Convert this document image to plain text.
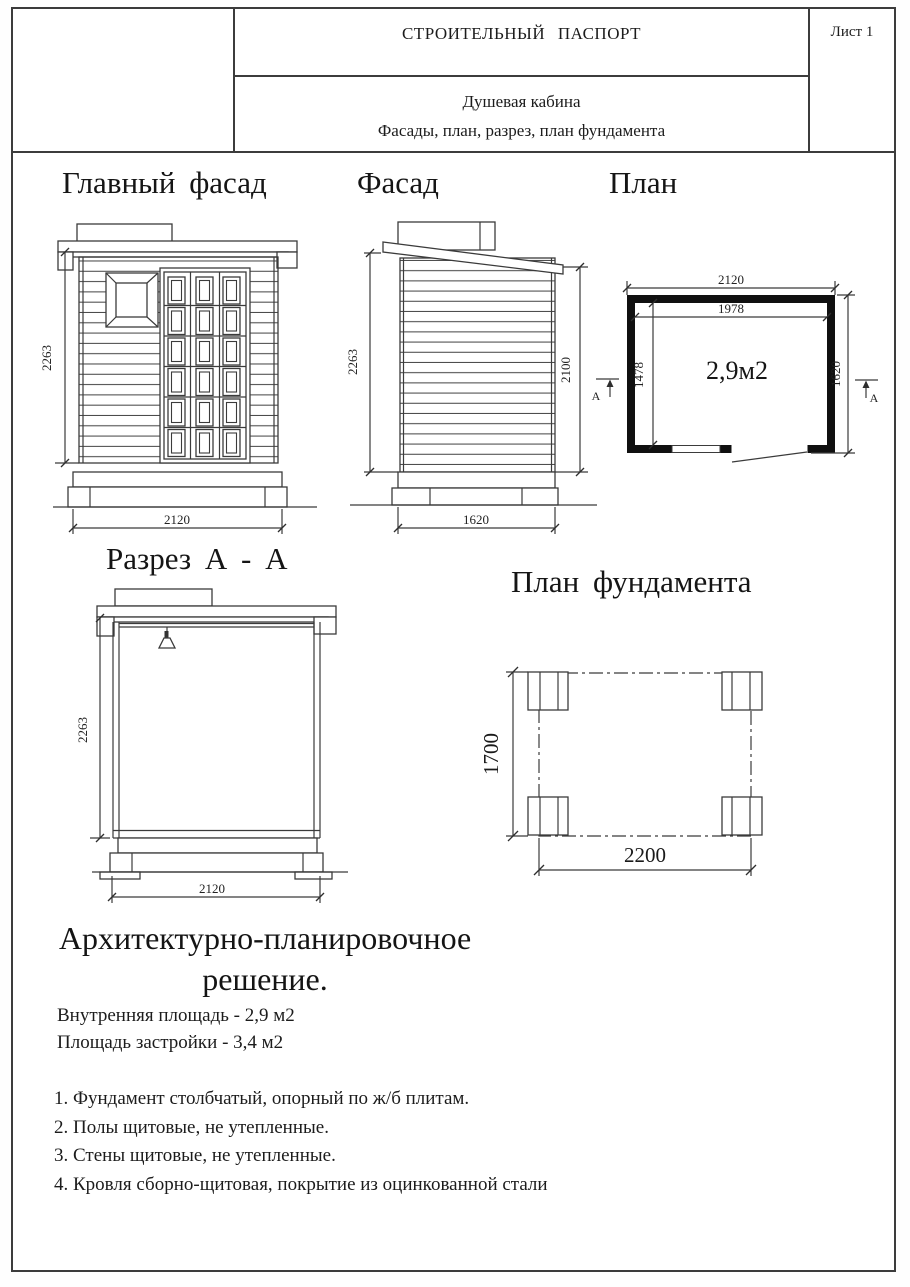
СТРОИТЕЛЬНЫЙ ПАСПОРТ
Душевая кабина
Фасады, план, разрез, план фундамента
Лист 1
Главный фасад	Фасад	План
Разрез А - А
План фундамента
2263
2120
2263	2100
1620
2120
1978
1478	1620
2,9м2
А	А
2263
2120
1700
2200
Архитектурно-планировочное
решение.
Внутренняя площадь - 2,9 м2
Площадь застройки - 3,4 м2
1. Фундамент столбчатый, опорный по ж/б плитам.
2. Полы щитовые, не утепленные.
3. Стены щитовые, не утепленные.
4. Кровля сборно-щитовая, покрытие из оцинкованной стали
